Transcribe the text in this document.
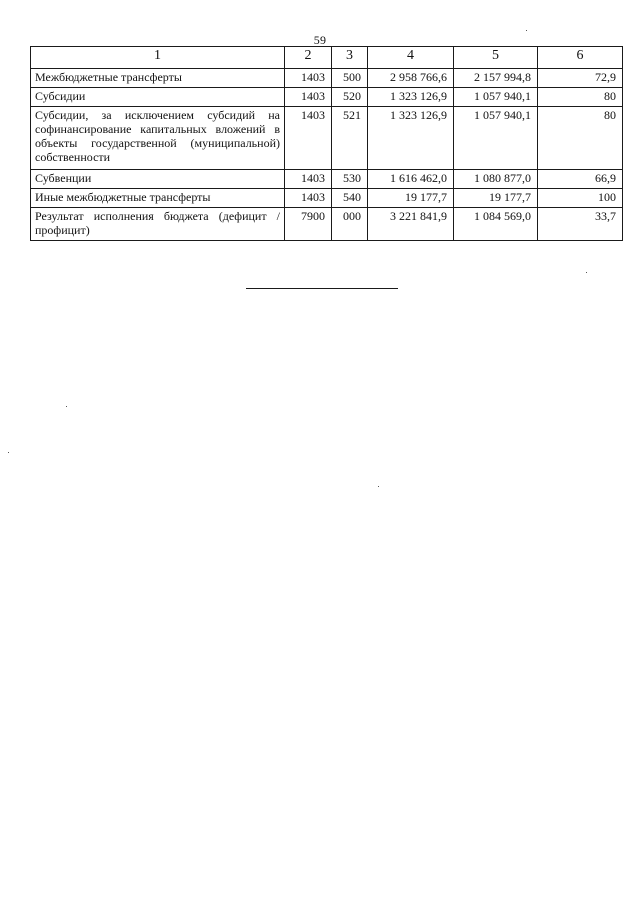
59
1	2	3	4	5	6
Межбюджетные трансферты	1403	500	2 958 766,6	2 157 994,8	72,9
Субсидии	1403	520	1 323 126,9	1 057 940,1	80
Субсидии, за исключением субсидий на софинансирование капитальных вложений в объекты государственной (муниципальной) собственности	1403	521	1 323 126,9	1 057 940,1	80
Субвенции	1403	530	1 616 462,0	1 080 877,0	66,9
Иные межбюджетные трансферты	1403	540	19 177,7	19 177,7	100
Результат исполнения бюджета (дефицит / профицит)	7900	000	3 221 841,9	1 084 569,0	33,7
